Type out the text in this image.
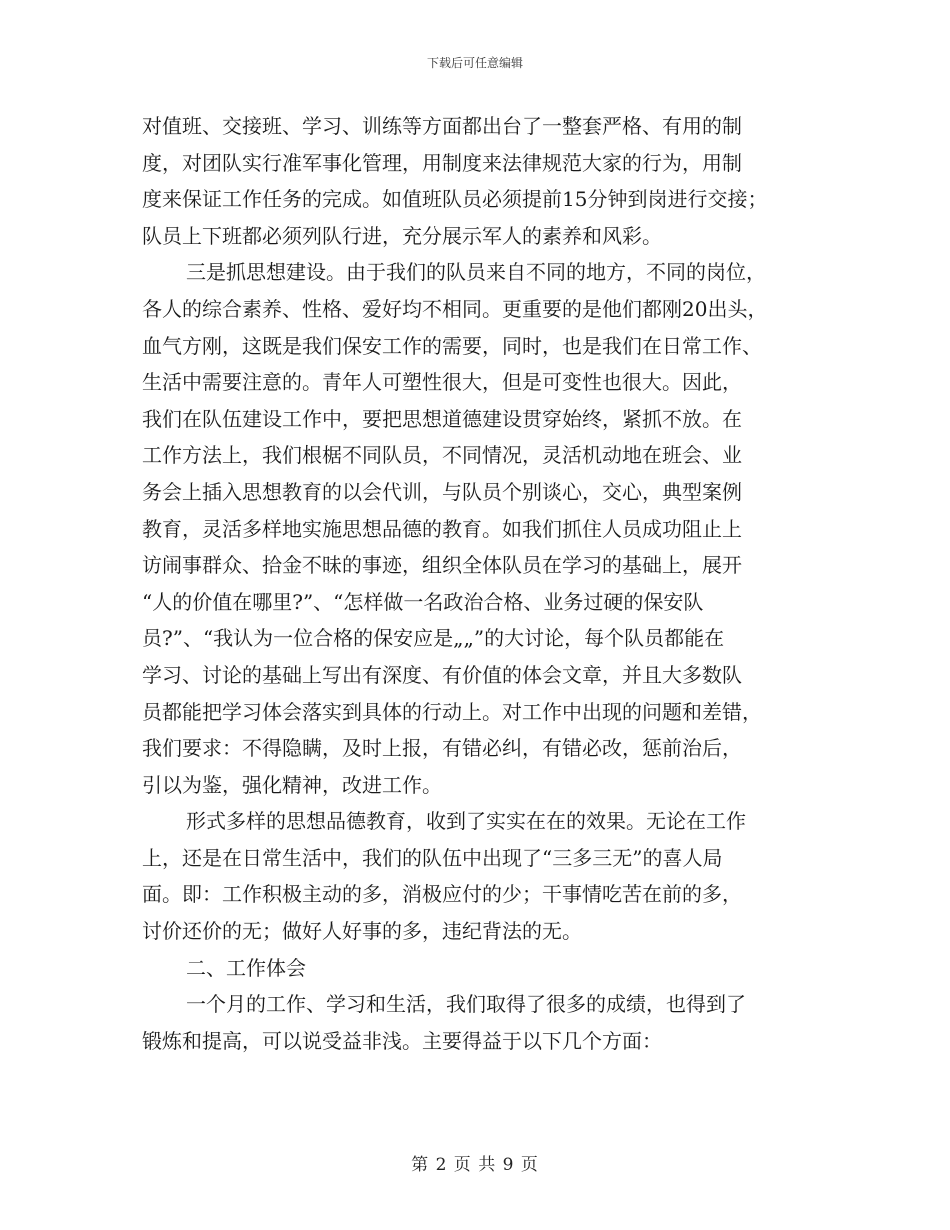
下载后可任意编辑
对值班、交接班、学习、训练等方面都出台了一整套严格、有用的制
度，对团队实行准军事化管理，用制度来法律规范大家的行为，用制
度来保证工作任务的完成。如值班队员必须提前15分钟到岗进行交接；
队员上下班都必须列队行进，充分展示军人的素养和风彩。
三是抓思想建设。由于我们的队员来自不同的地方，不同的岗位，
各人的综合素养、性格、爱好均不相同。更重要的是他们都刚20出头，
血气方刚，这既是我们保安工作的需要，同时，也是我们在日常工作、
生活中需要注意的。青年人可塑性很大，但是可变性也很大。因此，
我们在队伍建设工作中，要把思想道德建设贯穿始终，紧抓不放。在
工作方法上，我们根椐不同队员，不同情况，灵活机动地在班会、业
务会上插入思想教育的以会代训，与队员个别谈心，交心，典型案例
教育，灵活多样地实施思想品德的教育。如我们抓住人员成功阻止上
访闹事群众、拾金不昧的事迹，组织全体队员在学习的基础上，展开
“人的价值在哪里?”、“怎样做一名政治合格、业务过硬的保安队
员?”、“我认为一位合格的保安应是„„”的大讨论，每个队员都能在
学习、讨论的基础上写出有深度、有价值的体会文章，并且大多数队
员都能把学习体会落实到具体的行动上。对工作中出现的问题和差错，
我们要求：不得隐瞒，及时上报，有错必纠，有错必改，惩前治后，
引以为鉴，强化精神，改进工作。
形式多样的思想品德教育，收到了实实在在的效果。无论在工作
上，还是在日常生活中，我们的队伍中出现了“三多三无”的喜人局
面。即：工作积极主动的多，消极应付的少；干事情吃苦在前的多，
讨价还价的无；做好人好事的多，违纪背法的无。
二、工作体会
一个月的工作、学习和生活，我们取得了很多的成绩，也得到了
锻炼和提高，可以说受益非浅。主要得益于以下几个方面：
第 2 页 共 9 页
